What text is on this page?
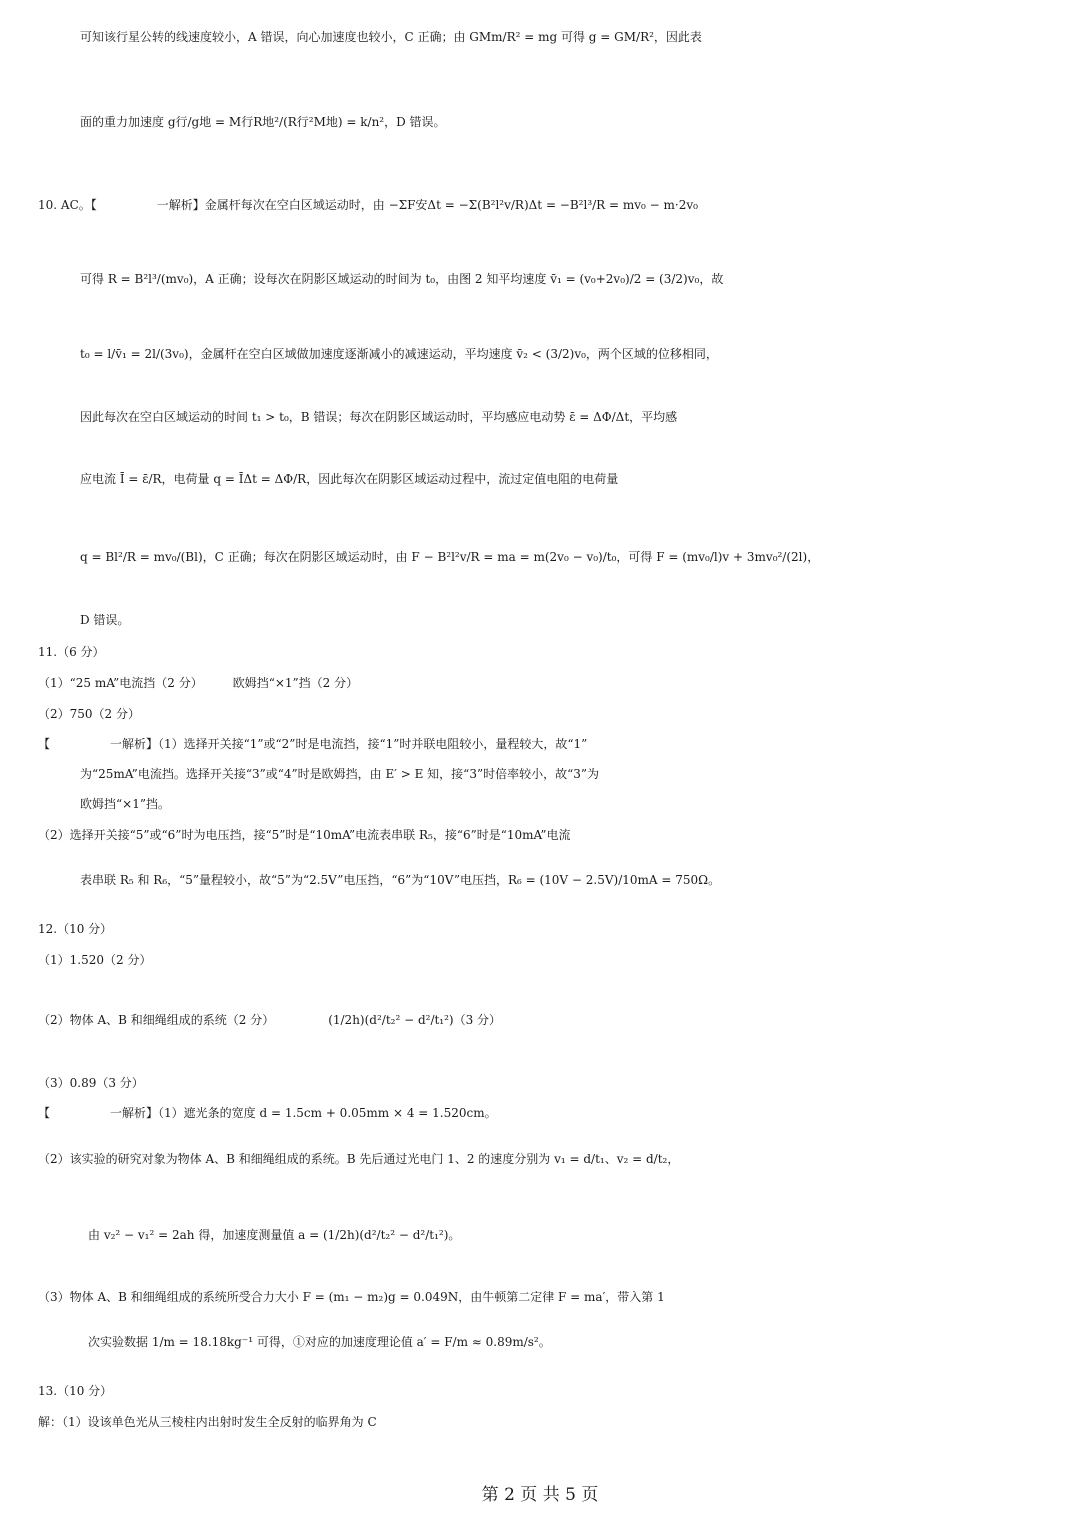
可知该行星公转的线速度较小，A 错误，向心加速度也较小，C 正确；由 GMm/R² = mg 可得 g = GM/R²，因此表

面的重力加速度 g行/g地 = M行R地²/(R行²M地) = k/n²，D 错误。

10. AC。【　　　　　一解析】金属杆每次在空白区域运动时，由 −ΣF安Δt = −Σ(B²l²v/R)Δt = −B²l³/R = mv₀ − m·2v₀

可得 R = B²l³/(mv₀)，A 正确；设每次在阴影区域运动的时间为 t₀，由图 2 知平均速度 v̄₁ = (v₀+2v₀)/2 = (3/2)v₀，故

t₀ = l/v̄₁ = 2l/(3v₀)，金属杆在空白区域做加速度逐渐减小的减速运动，平均速度 v̄₂ < (3/2)v₀，两个区域的位移相同，

因此每次在空白区域运动的时间 t₁ > t₀，B 错误；每次在阴影区域运动时，平均感应电动势 ε̄ = ΔΦ/Δt，平均感

应电流 Ī = ε̄/R，电荷量 q = ĪΔt = ΔΦ/R，因此每次在阴影区域运动过程中，流过定值电阻的电荷量

q = Bl²/R = mv₀/(Bl)，C 正确；每次在阴影区域运动时，由 F − B²l²v/R = ma = m(2v₀ − v₀)/t₀，可得 F = (mv₀/l)v + 3mv₀²/(2l)，

D 错误。

11.（6 分）

（1）“25 mA”电流挡（2 分）　　　欧姆挡“×1”挡（2 分）

（2）750（2 分）

【　　　　　一解析】（1）选择开关接“1”或“2”时是电流挡，接“1”时并联电阻较小，量程较大，故“1”

为“25mA”电流挡。选择开关接“3”或“4”时是欧姆挡，由 E′ > E 知，接“3”时倍率较小，故“3”为

欧姆挡“×1”挡。

（2）选择开关接“5”或“6”时为电压挡，接“5”时是“10mA”电流表串联 R₅，接“6”时是“10mA”电流

表串联 R₅ 和 R₆，“5”量程较小，故“5”为“2.5V”电压挡，“6”为“10V”电压挡，R₆ = (10V − 2.5V)/10mA = 750Ω。

12.（10 分）

（1）1.520（2 分）

（2）物体 A、B 和细绳组成的系统（2 分）　　　　　(1/2h)(d²/t₂² − d²/t₁²)（3 分）

（3）0.89（3 分）

【　　　　　一解析】（1）遮光条的宽度 d = 1.5cm + 0.05mm × 4 = 1.520cm。

（2）该实验的研究对象为物体 A、B 和细绳组成的系统。B 先后通过光电门 1、2 的速度分别为 v₁ = d/t₁、v₂ = d/t₂，

由 v₂² − v₁² = 2ah 得，加速度测量值 a = (1/2h)(d²/t₂² − d²/t₁²)。

（3）物体 A、B 和细绳组成的系统所受合力大小 F = (m₁ − m₂)g = 0.049N，由牛顿第二定律 F = ma′，带入第 1

次实验数据 1/m = 18.18kg⁻¹ 可得，①对应的加速度理论值 a′ = F/m ≈ 0.89m/s²。

13.（10 分）

解：（1）设该单色光从三棱柱内出射时发生全反射的临界角为 C

第 2 页 共 5 页
